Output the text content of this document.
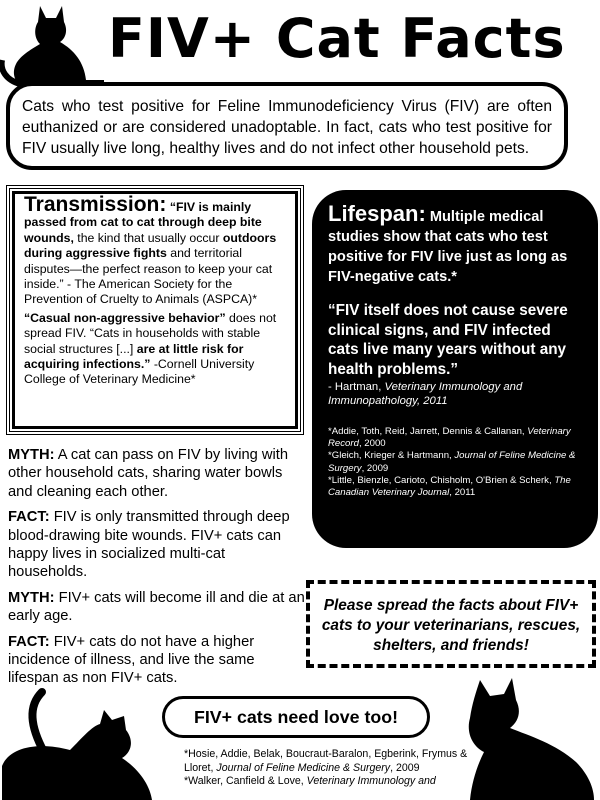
FIV+ Cat Facts
Cats who test positive for Feline Immunodeficiency Virus (FIV) are often euthanized or are considered unadoptable. In fact, cats who test positive for FIV usually live long, healthy lives and do not infect other household pets.

Transmission: “FIV is mainly passed from cat to cat through deep bite wounds, the kind that usually occur outdoors during aggressive fights and territorial disputes—the perfect reason to keep your cat inside.” - The American Society for the Prevention of Cruelty to Animals (ASPCA)*

“Casual non-aggressive behavior” does not spread FIV. “Cats in households with stable social structures [...] are at little risk for acquiring infections.” -Cornell University College of Veterinary Medicine*

Lifespan: Multiple medical studies show that cats who test positive for FIV live just as long as FIV-negative cats.*
“FIV itself does not cause severe clinical signs, and FIV infected cats live many years without any health problems.”
- Hartman, Veterinary Immunology and Immunopathology, 2011
*Addie, Toth, Reid, Jarrett, Dennis & Callanan, Veterinary Record, 2000
*Gleich, Krieger & Hartmann, Journal of Feline Medicine & Surgery, 2009
*Little, Bienzle, Carioto, Chisholm, O'Brien & Scherk, The Canadian Veterinary Journal, 2011

MYTH: A cat can pass on FIV by living with other household cats, sharing water bowls and cleaning each other.

FACT: FIV is only transmitted through deep blood-drawing bite wounds. FIV+ cats can happy lives in socialized multi-cat households.

MYTH: FIV+ cats will become ill and die at an early age.

FACT: FIV+ cats do not have a higher incidence of illness, and live the same lifespan as non FIV+ cats.

Please spread the facts about FIV+ cats to your veterinarians, rescues, shelters, and friends!
FIV+ cats need love too!
*Hosie, Addie, Belak, Boucraut-Baralon, Egberink, Frymus & Lloret, Journal of Feline Medicine & Surgery, 2009
*Walker, Canfield & Love, Veterinary Immunology and
